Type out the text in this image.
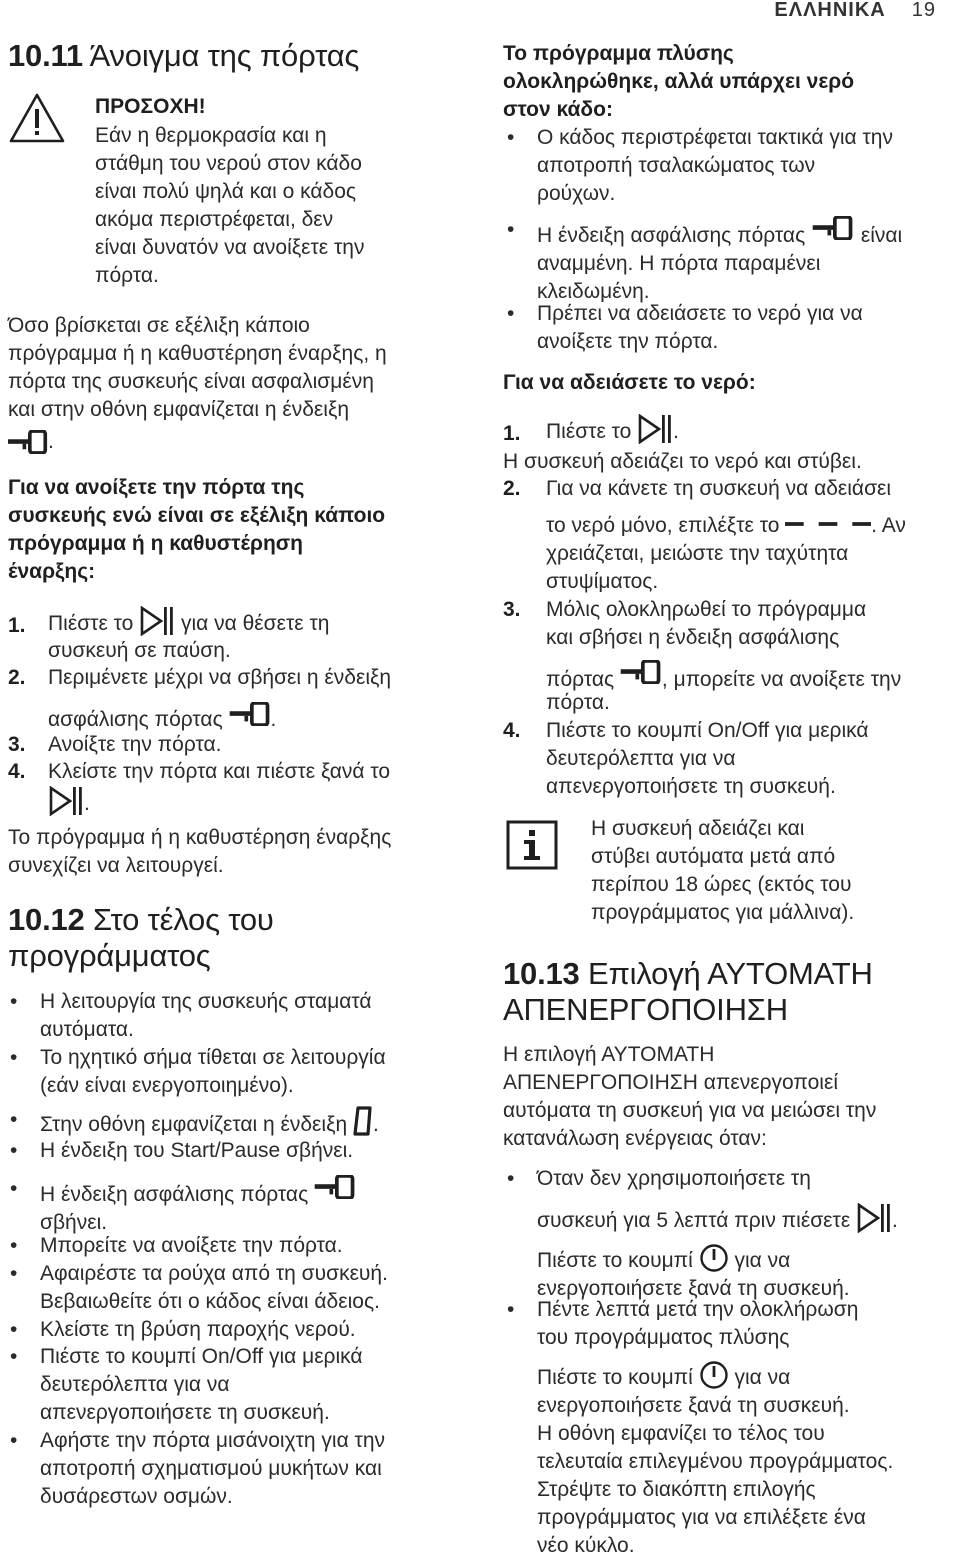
ΕΛΛΗΝΙΚΑ 19
10.11 Άνοιγμα της πόρτας
ΠΡΟΣΟΧΗ!
Εάν η θερμοκρασία και η
στάθμη του νερού στον κάδο
είναι πολύ ψηλά και ο κάδος
ακόμα περιστρέφεται, δεν
είναι δυνατόν να ανοίξετε την
πόρτα.
Όσο βρίσκεται σε εξέλιξη κάποιο
πρόγραμμα ή η καθυστέρηση έναρξης, η
πόρτα της συσκευής είναι ασφαλισμένη
και στην οθόνη εμφανίζεται η ένδειξη
.
Για να ανοίξετε την πόρτα της
συσκευής ενώ είναι σε εξέλιξη κάποιο
πρόγραμμα ή η καθυστέρηση
έναρξης:
1. Πιέστε το για να θέσετε τη
συσκευή σε παύση.
2. Περιμένετε μέχρι να σβήσει η ένδειξη
ασφάλισης πόρτας .
3. Ανοίξτε την πόρτα.
4. Κλείστε την πόρτα και πιέστε ξανά το
.
Το πρόγραμμα ή η καθυστέρηση έναρξης
συνεχίζει να λειτουργεί.
10.12 Στο τέλος του
προγράμματος
• Η λειτουργία της συσκευής σταματά
αυτόματα.
• Το ηχητικό σήμα τίθεται σε λειτουργία
(εάν είναι ενεργοποιημένο).
• Στην οθόνη εμφανίζεται η ένδειξη .
• Η ένδειξη του Start/Pause σβήνει.
• Η ένδειξη ασφάλισης πόρτας
σβήνει.
• Μπορείτε να ανοίξετε την πόρτα.
• Αφαιρέστε τα ρούχα από τη συσκευή.
Βεβαιωθείτε ότι ο κάδος είναι άδειος.
• Κλείστε τη βρύση παροχής νερού.
• Πιέστε το κουμπί On/Off για μερικά
δευτερόλεπτα για να
απενεργοποιήσετε τη συσκευή.
• Αφήστε την πόρτα μισάνοιχτη για την
αποτροπή σχηματισμού μυκήτων και
δυσάρεστων οσμών.
Το πρόγραμμα πλύσης
ολοκληρώθηκε, αλλά υπάρχει νερό
στον κάδο:
• Ο κάδος περιστρέφεται τακτικά για την
αποτροπή τσαλακώματος των
ρούχων.
• Η ένδειξη ασφάλισης πόρτας	είναι
αναμμένη. Η πόρτα παραμένει
κλειδωμένη.
• Πρέπει να αδειάσετε το νερό για να
ανοίξετε την πόρτα.
Για να αδειάσετε το νερό:
1. Πιέστε το .
Η συσκευή αδειάζει το νερό και στύβει.
2. Για να κάνετε τη συσκευή να αδειάσει
το νερό μόνο, επιλέξτε το	. Αν
χρειάζεται, μειώστε την ταχύτητα
στυψίματος.
3. Μόλις ολοκληρωθεί το πρόγραμμα
και σβήσει η ένδειξη ασφάλισης
πόρτας , μπορείτε να ανοίξετε την
πόρτα.
4. Πιέστε το κουμπί On/Off για μερικά
δευτερόλεπτα για να
απενεργοποιήσετε τη συσκευή.
Η συσκευή αδειάζει και
στύβει αυτόματα μετά από
περίπου 18 ώρες (εκτός του
προγράμματος για μάλλινα).
10.13 Επιλογή ΑΥΤΟΜΑΤΗ
ΑΠΕΝΕΡΓΟΠΟΙΗΣΗ
Η επιλογή ΑΥΤΟΜΑΤΗ
ΑΠΕΝΕΡΓΟΠΟΙΗΣΗ απενεργοποιεί
αυτόματα τη συσκευή για να μειώσει την
κατανάλωση ενέργειας όταν:
• Όταν δεν χρησιμοποιήσετε τη
συσκευή για 5 λεπτά πριν πιέσετε .
Πιέστε το κουμπί για να
ενεργοποιήσετε ξανά τη συσκευή.
• Πέντε λεπτά μετά την ολοκλήρωση
του προγράμματος πλύσης
Πιέστε το κουμπί για να
ενεργοποιήσετε ξανά τη συσκευή.
Η οθόνη εμφανίζει το τέλος του
τελευταία επιλεγμένου προγράμματος.
Στρέψτε το διακόπτη επιλογής
προγράμματος για να επιλέξετε ένα
νέο κύκλο.
